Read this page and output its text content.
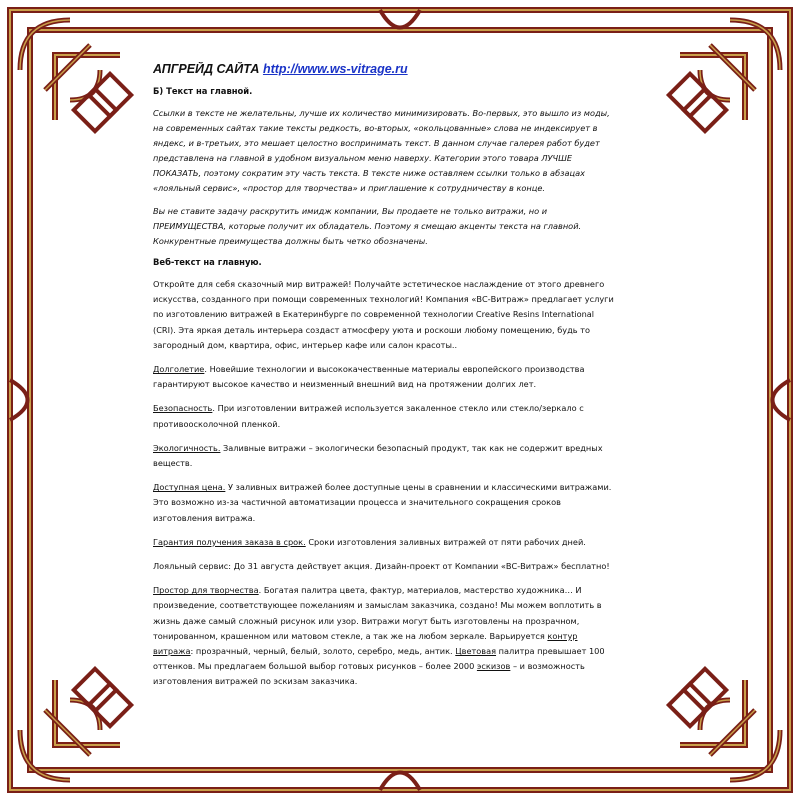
АПГРЕЙД САЙТА http://www.ws-vitrage.ru
Б) Текст на главной.

Ссылки в тексте не желательны, лучше их количество минимизировать. Во-первых, это вышло из моды, на современных сайтах такие тексты редкость, во-вторых, «окольцованные» слова не индексирует в яндекс, и в-третьих, это мешает целостно воспринимать текст. В данном случае галерея работ будет представлена на главной в удобном визуальном меню наверху. Категории этого товара ЛУЧШЕ ПОКАЗАТЬ, поэтому сократим эту часть текста. В тексте ниже оставляем ссылки только в абзацах «лояльный сервис», «простор для творчества» и приглашение к сотрудничеству в конце.

Вы не ставите задачу раскрутить имидж компании, Вы продаете не только витражи, но и ПРЕИМУЩЕСТВА, которые получит их обладатель. Поэтому я смещаю акценты текста на главной. Конкурентные преимущества должны быть четко обозначены.

Веб-текст на главную.

Откройте для себя сказочный мир витражей! Получайте эстетическое наслаждение от этого древнего искусства, созданного при помощи современных технологий! Компания «ВС-Витраж» предлагает услуги по изготовлению витражей в Екатеринбурге по современной технологии Creative Resins International (CRI). Эта яркая деталь интерьера создаст атмосферу уюта и роскоши любому помещению, будь то загородный дом, квартира, офис, интерьер кафе или салон красоты..

Долголетие. Новейшие технологии и высококачественные материалы европейского производства гарантируют высокое качество и неизменный внешний вид на протяжении долгих лет.

Безопасность. При изготовлении витражей используется закаленное стекло или стекло/зеркало с противоосколочной пленкой.

Экологичность. Заливные витражи – экологически безопасный продукт, так как не содержит вредных веществ.

Доступная цена. У заливных витражей более доступные цены в сравнении и классическими витражами. Это возможно из-за частичной автоматизации процесса и значительного сокращения сроков изготовления витража.

Гарантия получения заказа в срок. Сроки изготовления заливных витражей от пяти рабочих дней.

Лояльный сервис: До 31 августа действует акция. Дизайн-проект от Компании «ВС-Витраж» бесплатно!

Простор для творчества. Богатая палитра цвета, фактур, материалов, мастерство художника… И произведение, соответствующее пожеланиям и замыслам заказчика, создано! Мы можем воплотить в жизнь даже самый сложный рисунок или узор. Витражи могут быть изготовлены на прозрачном, тонированном, крашенном или матовом стекле, а так же на любом зеркале. Варьируется контур витража: прозрачный, черный, белый, золото, серебро, медь, антик. Цветовая палитра превышает 100 оттенков. Мы предлагаем большой выбор готовых рисунков – более 2000 эскизов – и возможность изготовления витражей по эскизам заказчика.
